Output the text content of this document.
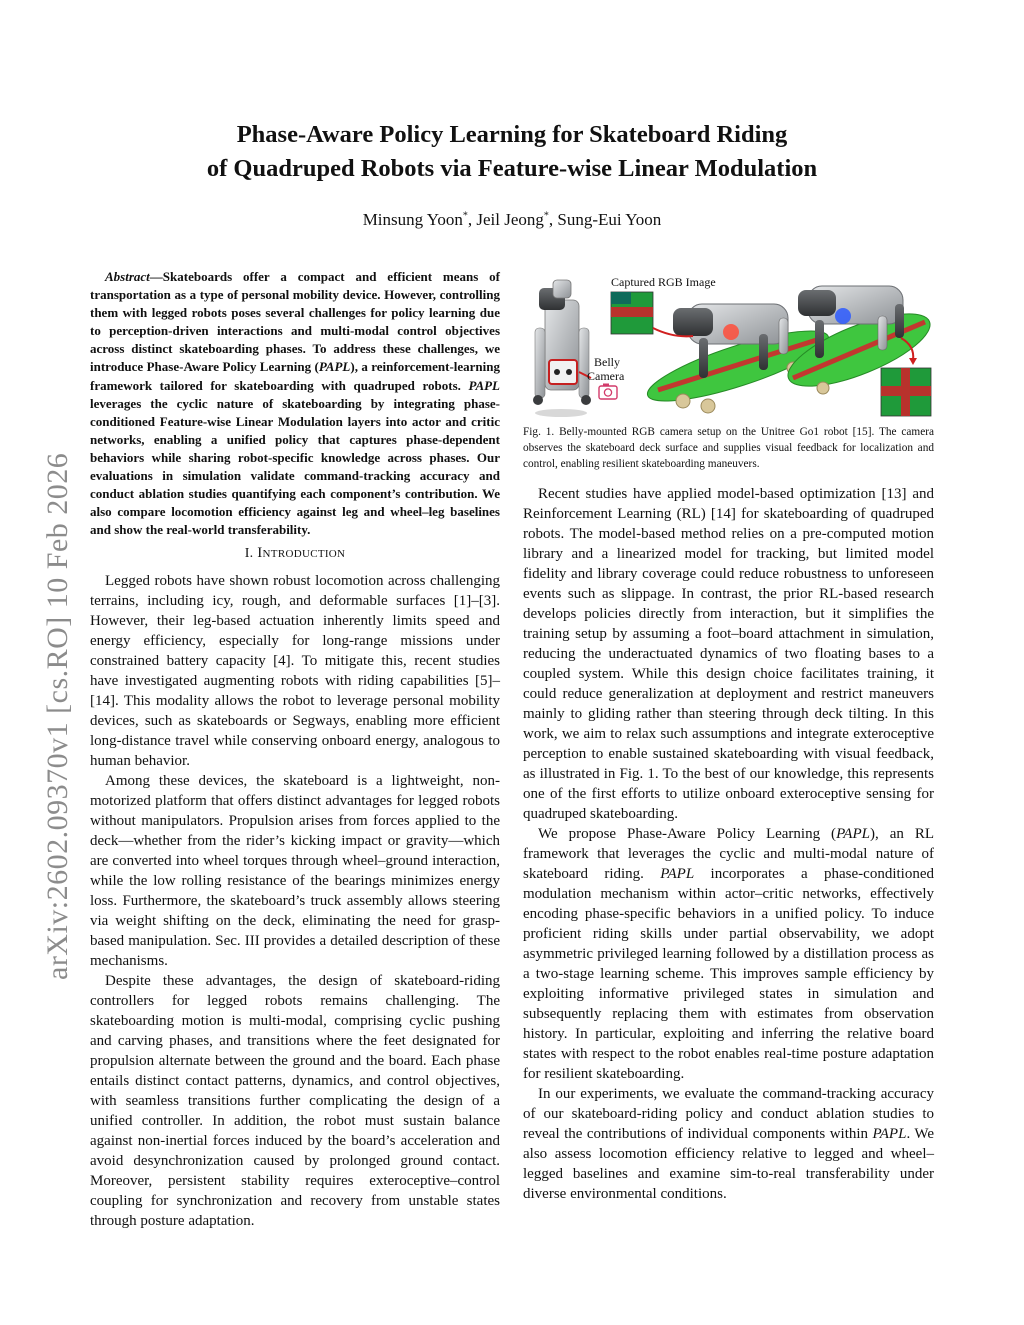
arXiv:2602.09370v1 [cs.RO] 10 Feb 2026
Phase-Aware Policy Learning for Skateboard Riding
of Quadruped Robots via Feature-wise Linear Modulation
Minsung Yoon*, Jeil Jeong*, Sung-Eui Yoon
Abstract—Skateboards offer a compact and efficient means of transportation as a type of personal mobility device. However, controlling them with legged robots poses several challenges for policy learning due to perception-driven interactions and multi-modal control objectives across distinct skateboarding phases. To address these challenges, we introduce Phase-Aware Policy Learning (PAPL), a reinforcement-learning framework tailored for skateboarding with quadruped robots. PAPL leverages the cyclic nature of skateboarding by integrating phase-conditioned Feature-wise Linear Modulation layers into actor and critic networks, enabling a unified policy that captures phase-dependent behaviors while sharing robot-specific knowledge across phases. Our evaluations in simulation validate command-tracking accuracy and conduct ablation studies quantifying each component’s contribution. We also compare locomotion efficiency against leg and wheel–leg baselines and show the real-world transferability.
I. Introduction

Legged robots have shown robust locomotion across challenging terrains, including icy, rough, and deformable surfaces [1]–[3]. However, their leg-based actuation inherently limits speed and energy efficiency, especially for long-range missions under constrained battery capacity [4]. To mitigate this, recent studies have investigated augmenting robots with riding capabilities [5]–[14]. This modality allows the robot to leverage personal mobility devices, such as skateboards or Segways, enabling more efficient long-distance travel while conserving onboard energy, analogous to human behavior.

Among these devices, the skateboard is a lightweight, non-motorized platform that offers distinct advantages for legged robots without manipulators. Propulsion arises from forces applied to the deck—whether from the rider’s kicking impact or gravity—which are converted into wheel torques through wheel–ground interaction, while the low rolling resistance of the bearings minimizes energy loss. Furthermore, the skateboard’s truck assembly allows steering via weight shifting on the deck, eliminating the need for grasp-based manipulation. Sec. III provides a detailed description of these mechanisms.

Despite these advantages, the design of skateboard-riding controllers for legged robots remains challenging. The skateboarding motion is multi-modal, comprising cyclic pushing and carving phases, and transitions where the feet designated for propulsion alternate between the ground and the board. Each phase entails distinct contact patterns, dynamics, and control objectives, with seamless transitions further complicating the design of a unified controller. In addition, the robot must sustain balance against non-inertial forces induced by the board’s acceleration and avoid desynchronization caused by prolonged ground contact. Moreover, persistent stability requires exteroceptive–control coupling for synchronization and recovery from unstable states through posture adaptation.

Belly
Camera
Captured RGB Image
Fig. 1. Belly-mounted RGB camera setup on the Unitree Go1 robot [15]. The camera observes the skateboard deck surface and supplies visual feedback for localization and control, enabling resilient skateboarding maneuvers.

Recent studies have applied model-based optimization [13] and Reinforcement Learning (RL) [14] for skateboarding of quadruped robots. The model-based method relies on a pre-computed motion library and a linearized model for tracking, but limited model fidelity and library coverage could reduce robustness to unforeseen events such as slippage. In contrast, the prior RL-based research develops policies directly from interaction, but it simplifies the training setup by assuming a foot–board attachment in simulation, reducing the underactuated dynamics of two floating bases to a coupled system. While this design choice facilitates training, it could reduce generalization at deployment and restrict maneuvers mainly to gliding rather than steering through deck tilting. In this work, we aim to relax such assumptions and integrate exteroceptive perception to enable sustained skateboarding with visual feedback, as illustrated in Fig. 1. To the best of our knowledge, this represents one of the first efforts to utilize onboard exteroceptive sensing for quadruped skateboarding.

We propose Phase-Aware Policy Learning (PAPL), an RL framework that leverages the cyclic and multi-modal nature of skateboard riding. PAPL incorporates a phase-conditioned modulation mechanism within actor–critic networks, effectively encoding phase-specific behaviors in a unified policy. To induce proficient riding skills under partial observability, we adopt asymmetric privileged learning followed by a distillation process as a two-stage learning scheme. This improves sample efficiency by exploiting informative privileged states in simulation and subsequently replacing them with estimates from observation history. In particular, exploiting and inferring the relative board states with respect to the robot enables real-time posture adaptation for resilient skateboarding.

In our experiments, we evaluate the command-tracking accuracy of our skateboard-riding policy and conduct ablation studies to reveal the contributions of individual components within PAPL. We also assess locomotion efficiency relative to legged and wheel–legged baselines and examine sim-to-real transferability under diverse environmental conditions.
